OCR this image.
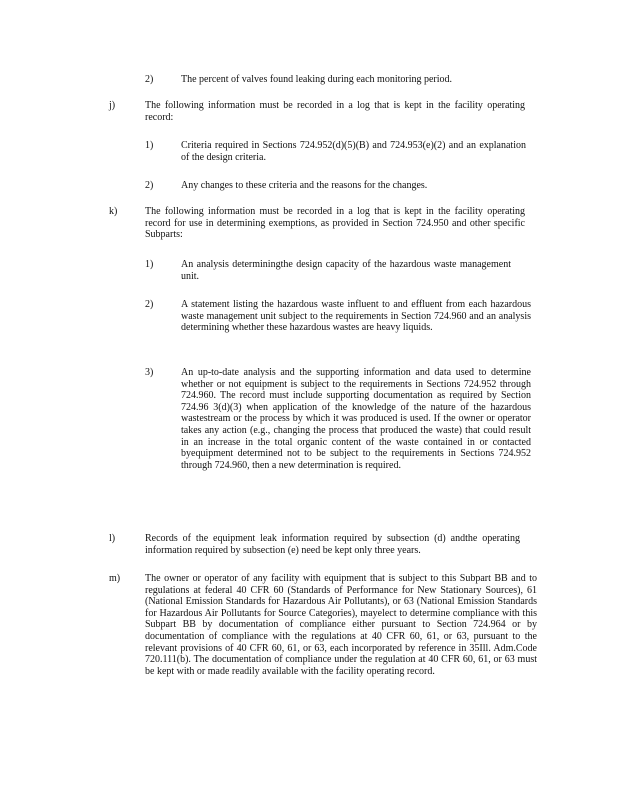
2)	The percent of valves found leaking during each monitoring period.
j)	The following information must be recorded in a log that is kept in the facility operating record:
1)	Criteria required in Sections 724.952(d)(5)(B) and 724.953(e)(2) and an explanation of the design criteria.
2)	Any changes to these criteria and the reasons for the changes.
k)	The following information must be recorded in a log that is kept in the facility operating record for use in determining exemptions, as provided in Section 724.950 and other specific Subparts:
1)	An analysis determiningthe design capacity of the hazardous waste management unit.
2)	A statement listing the hazardous waste influent to and effluent from each hazardous waste management unit subject to the requirements in Section 724.960 and an analysis determining whether these hazardous wastes are heavy liquids.
3)	An up-to-date analysis and the supporting information and data used to determine whether or not equipment is subject to the requirements in Sections 724.952 through 724.960. The record must include supporting documentation as required by Section 724.96 3(d)(3) when application of the knowledge of the nature of the hazardous wastestream or the process by which it was produced is used. If the owner or operator takes any action (e.g., changing the process that produced the waste) that could result in an increase in the total organic content of the waste contained in or contacted byequipment determined not to be subject to the requirements in Sections 724.952 through 724.960, then a new determination is required.
l)	Records of the equipment leak information required by subsection (d) andthe operating information required by subsection (e) need be kept only three years.
m) The owner or operator of any facility with equipment that is subject to this Subpart BB and to regulations at federal 40 CFR 60 (Standards of Performance for New Stationary Sources), 61 (National Emission Standards for Hazardous Air Pollutants), or 63 (National Emission Standards for Hazardous Air Pollutants for Source Categories), mayelect to determine compliance with this Subpart BB by documentation of compliance either pursuant to Section 724.964 or by documentation of compliance with the regulations at 40 CFR 60, 61, or 63, pursuant to the relevant provisions of 40 CFR 60, 61, or 63, each incorporated by reference in 35Ill. Adm.Code 720.111(b). The documentation of compliance under the regulation at 40 CFR 60, 61, or 63 must be kept with or made readily available with the facility operating record.
